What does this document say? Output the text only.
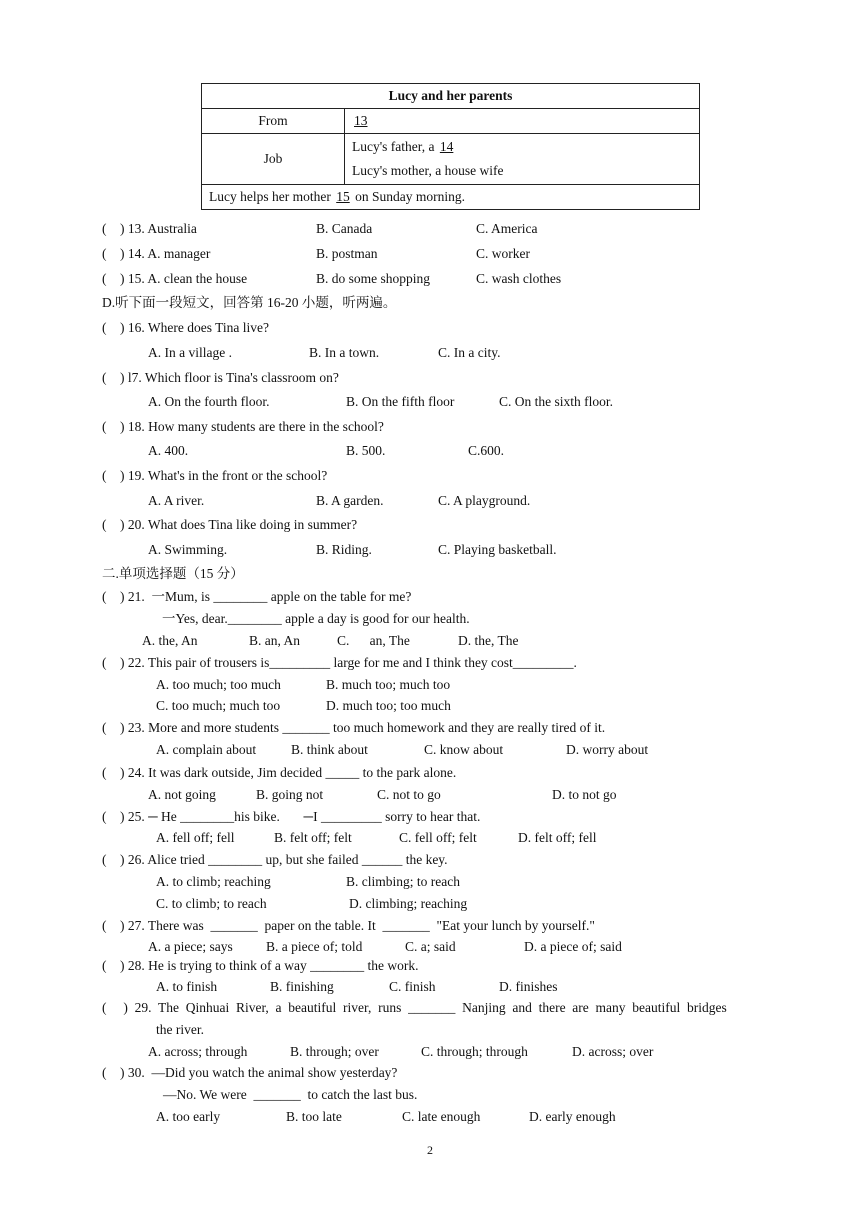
Lucy and her parents	
From	13
Job	Lucy's father, a 14
Lucy's mother, a house wife

Lucy helps her mother 15 on Sunday morning.	
(    ) 13. Australia	B. Canada	C. America
(    ) 14. A. manager	B. postman	C. worker
(    ) 15. A. clean the house	B. do some shopping	C. wash clothes
D.听下面一段短文，回答第 16-20 小题，听两遍。
(    ) 16. Where does Tina live?
A. In a village .	B. In a town.	C. In a city.
(    ) l7. Which floor is Tina's classroom on?
A. On the fourth floor.	B. On the fifth floor	C. On the sixth floor.
(    ) 18. How many students are there in the school?
A. 400.	B. 500.	C.600.
(    ) 19. What's in the front or the school?
A. A river.	B. A garden.	C. A playground.
(    ) 20. What does Tina like doing in summer?
A. Swimming.	B. Riding.	C. Playing basketball.
二.单项选择题（15 分）
(    ) 21.  一Mum, is ________ apple on the table for me?
一Yes, dear.________ apple a day is good for our health.
A. the, An	B. an, An	C.      an, The	D. the, The
(    ) 22. This pair of trousers is_________ large for me and I think they cost_________.
A. too much; too much	B. much too; much too
C. too much; much too	D. much too; too much
(    ) 23. More and more students _______ too much homework and they are really tired of it.
A. complain about	B. think about	C. know about	D. worry about
(    ) 24. It was dark outside, Jim decided _____ to the park alone.
A. not going	B. going not	C. not to go	D. to not go
(    ) 25. ─ He ________his bike.       ─I _________ sorry to hear that.
A. fell off; fell	B. felt off; felt	C. fell off; felt	D. felt off; fell
(    ) 26. Alice tried ________ up, but she failed ______ the key.
A. to climb; reaching	B. climbing; to reach
C. to climb; to reach	D. climbing; reaching
(    ) 27. There was  _______  paper on the table. It  _______  "Eat your lunch by yourself."
A. a piece; says B. a piece of; told	C. a; said	D. a piece of; said
(    ) 28. He is trying to think of a way ________ the work.
A. to finish	B. finishing	C. finish	D. finishes
(     )  29.  The  Qinhuai  River,  a  beautiful  river,  runs  _______  Nanjing  and  there  are  many  beautiful  bridges
the river.
A. across; through	B. through; over	C. through; through	D. across; over
(    ) 30.  —Did you watch the animal show yesterday?
—No. We were  _______  to catch the last bus.
A. too early	B. too late	C. late enough	D. early enough
2
